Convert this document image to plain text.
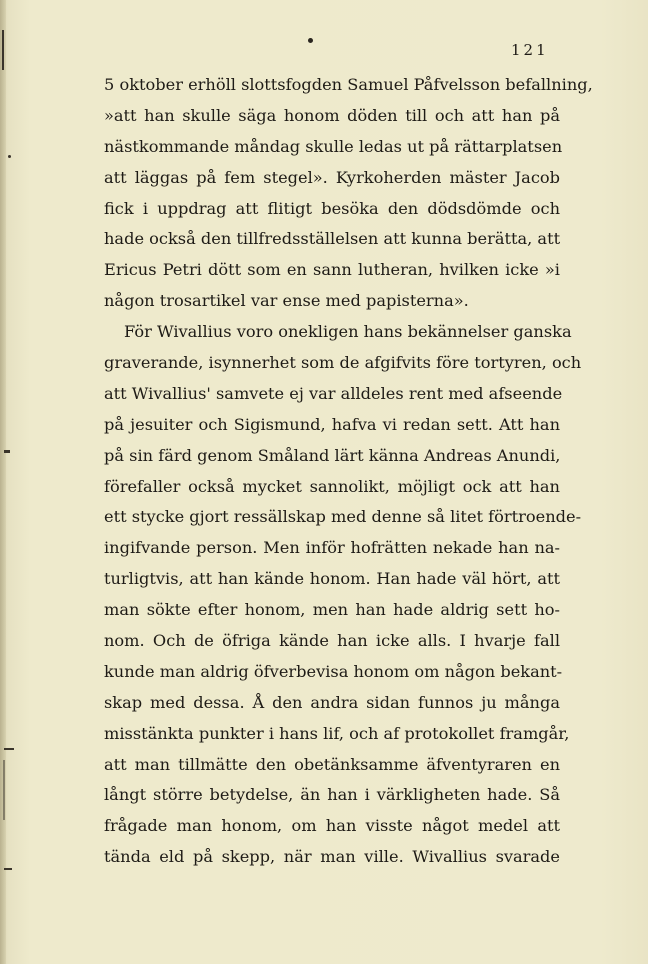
121
5 oktober erhöll slottsfogden Samuel Påfvelsson befallning,
»att han skulle säga honom döden till och att han på
nästkommande måndag skulle ledas ut på rättarplatsen
att läggas på fem stegel». Kyrkoherden mäster Jacob
fick i uppdrag att flitigt besöka den dödsdömde och
hade också den tillfredsställelsen att kunna berätta, att
Ericus Petri dött som en sann lutheran, hvilken icke »i
någon trosartikel var ense med papisterna».
För Wivallius voro onekligen hans bekännelser ganska
graverande, isynnerhet som de afgifvits före tortyren, och
att Wivallius' samvete ej var alldeles rent med afseende
på jesuiter och Sigismund, hafva vi redan sett. Att han
på sin färd genom Småland lärt känna Andreas Anundi,
förefaller också mycket sannolikt, möjligt ock att han
ett stycke gjort ressällskap med denne så litet förtroende-
ingifvande person. Men inför hofrätten nekade han na-
turligtvis, att han kände honom. Han hade väl hört, att
man sökte efter honom, men han hade aldrig sett ho-
nom. Och de öfriga kände han icke alls. I hvarje fall
kunde man aldrig öfverbevisa honom om någon bekant-
skap med dessa. Å den andra sidan funnos ju många
misstänkta punkter i hans lif, och af protokollet framgår,
att man tillmätte den obetänksamme äfventyraren en
långt större betydelse, än han i värkligheten hade. Så
frågade man honom, om han visste något medel att
tända eld på skepp, när man ville. Wivallius svarade
